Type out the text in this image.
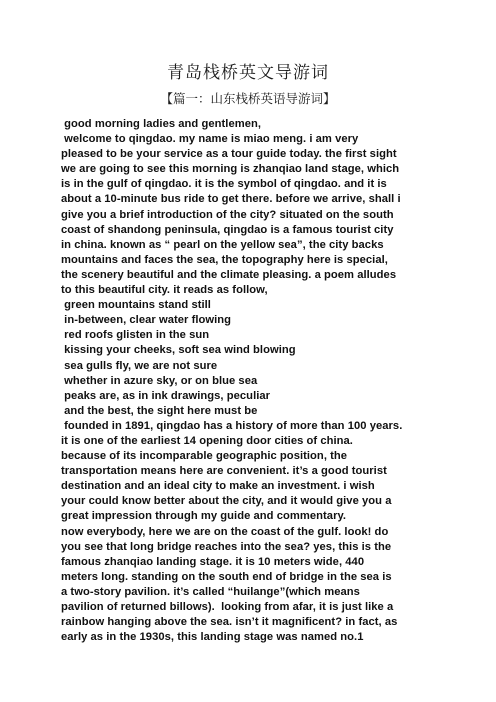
青岛栈桥英文导游词
【篇一：山东栈桥英语导游词】
good morning ladies and gentlemen,
welcome to qingdao. my name is miao meng. i am very
pleased to be your service as a tour guide today. the first sight
we are going to see this morning is zhanqiao land stage, which
is in the gulf of qingdao. it is the symbol of qingdao. and it is
about a 10-minute bus ride to get there. before we arrive, shall i
give you a brief introduction of the city? situated on the south
coast of shandong peninsula, qingdao is a famous tourist city
in china. known as “ pearl on the yellow sea”, the city backs
mountains and faces the sea, the topography here is special,
the scenery beautiful and the climate pleasing. a poem alludes
to this beautiful city. it reads as follow,
green mountains stand still
in-between, clear water flowing
red roofs glisten in the sun
kissing your cheeks, soft sea wind blowing
sea gulls fly, we are not sure
whether in azure sky, or on blue sea
peaks are, as in ink drawings, peculiar
and the best, the sight here must be
founded in 1891, qingdao has a history of more than 100 years.
it is one of the earliest 14 opening door cities of china.
because of its incomparable geographic position, the
transportation means here are convenient. it’s a good tourist
destination and an ideal city to make an investment. i wish
your could know better about the city, and it would give you a
great impression through my guide and commentary.
now everybody, here we are on the coast of the gulf. look! do
you see that long bridge reaches into the sea? yes, this is the
famous zhanqiao landing stage. it is 10 meters wide, 440
meters long. standing on the south end of bridge in the sea is
a two-story pavilion. it’s called “huilange”(which means
pavilion of returned billows).  looking from afar, it is just like a
rainbow hanging above the sea. isn’t it magnificent? in fact, as
early as in the 1930s, this landing stage was named no.1
